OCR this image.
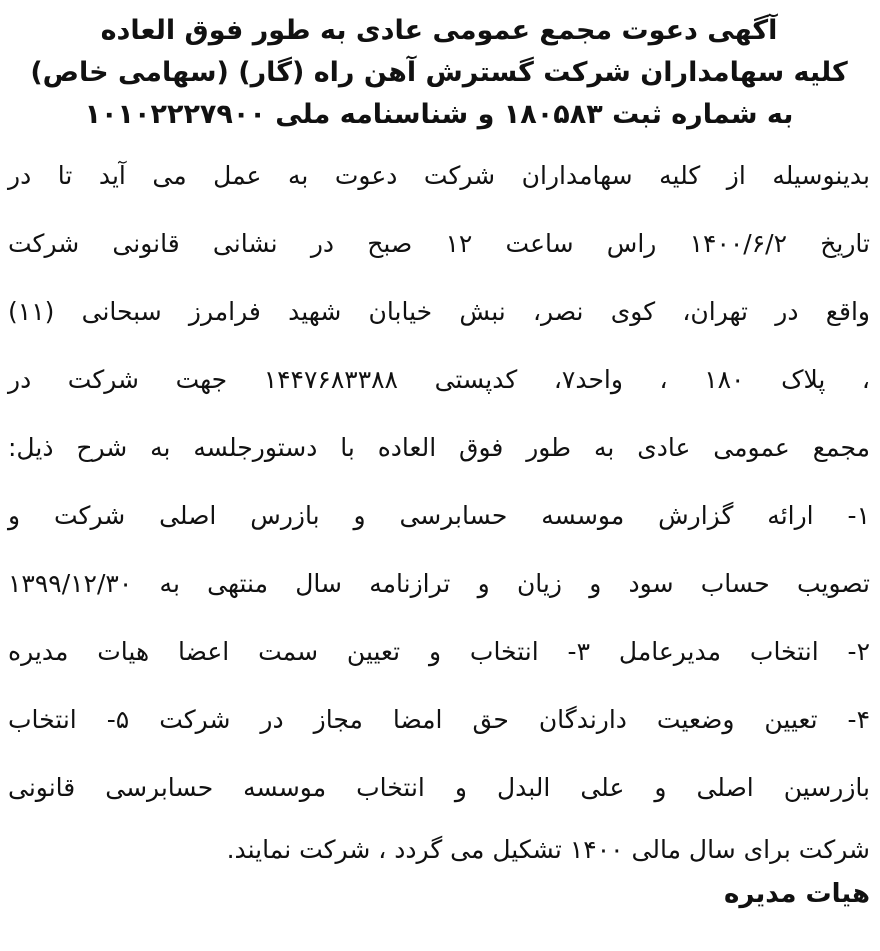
آگهی دعوت مجمع عمومی عادی به طور فوق العاده
کلیه سهامداران شرکت گسترش آهن راه (گار) (سهامی خاص)
به شماره ثبت ۱۸۰۵۸۳ و شناسنامه ملی ۱۰۱۰۲۲۲۷۹۰۰
بدینوسیله از کلیه سهامداران شرکت دعوت به عمل می آید تا در
تاریخ ۱۴۰۰/۶/۲ راس ساعت ۱۲ صبح در نشانی قانونی شرکت
واقع در تهران، کوی نصر، نبش خیابان شهید فرامرز سبحانی (۱۱)
، پلاک ۱۸۰ ، واحد۷، کدپستی ۱۴۴۷۶۸۳۳۸۸ جهت شرکت در
مجمع عمومی عادی به طور فوق العاده با دستورجلسه به شرح ذیل:
۱- ارائه گزارش موسسه حسابرسی و بازرس اصلی شرکت و
تصویب حساب سود و زیان و ترازنامه سال منتهی به ۱۳۹۹/۱۲/۳۰
۲- انتخاب مدیرعامل ۳- انتخاب و تعیین سمت اعضا هیات مدیره
۴- تعیین وضعیت دارندگان حق امضا مجاز در شرکت ۵- انتخاب
بازرسین اصلی و علی البدل و انتخاب موسسه حسابرسی قانونی
شرکت برای سال مالی ۱۴۰۰ تشکیل می گردد ، شرکت نمایند.
هیات مدیره
